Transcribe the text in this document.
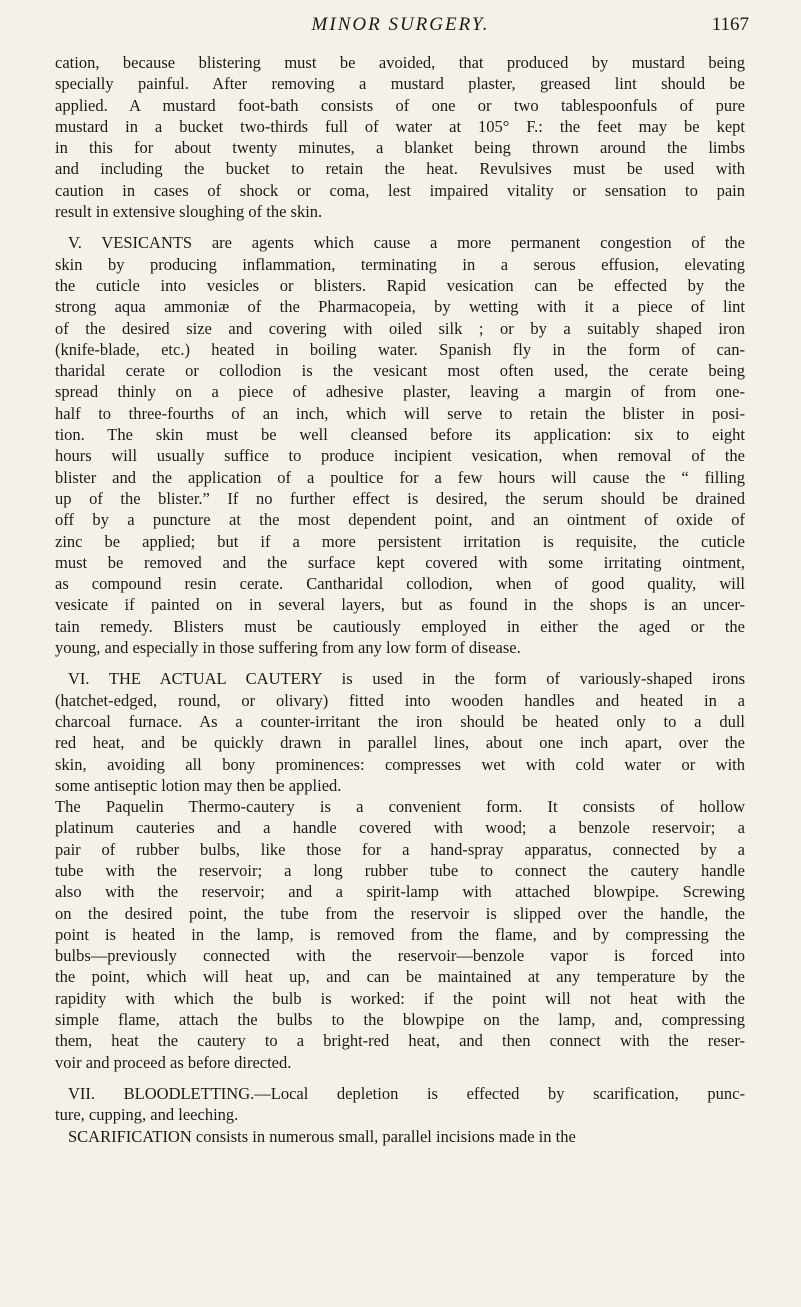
MINOR SURGERY.	1167
cation, because blistering must be avoided, that produced by mustard being
specially painful. After removing a mustard plaster, greased lint should be
applied. A mustard foot-bath consists of one or two tablespoonfuls of pure
mustard in a bucket two-thirds full of water at 105° F.: the feet may be kept
in this for about twenty minutes, a blanket being thrown around the limbs
and including the bucket to retain the heat. Revulsives must be used with
caution in cases of shock or coma, lest impaired vitality or sensation to pain
result in extensive sloughing of the skin.
V. VESICANTS are agents which cause a more permanent congestion of the
skin by producing inflammation, terminating in a serous effusion, elevating
the cuticle into vesicles or blisters. Rapid vesication can be effected by the
strong aqua ammoniæ of the Pharmacopeia, by wetting with it a piece of lint
of the desired size and covering with oiled silk ; or by a suitably shaped iron
(knife-blade, etc.) heated in boiling water. Spanish fly in the form of can-
tharidal cerate or collodion is the vesicant most often used, the cerate being
spread thinly on a piece of adhesive plaster, leaving a margin of from one-
half to three-fourths of an inch, which will serve to retain the blister in posi-
tion. The skin must be well cleansed before its application: six to eight
hours will usually suffice to produce incipient vesication, when removal of the
blister and the application of a poultice for a few hours will cause the “ filling
up of the blister.” If no further effect is desired, the serum should be drained
off by a puncture at the most dependent point, and an ointment of oxide of
zinc be applied; but if a more persistent irritation is requisite, the cuticle
must be removed and the surface kept covered with some irritating ointment,
as compound resin cerate. Cantharidal collodion, when of good quality, will
vesicate if painted on in several layers, but as found in the shops is an uncer-
tain remedy. Blisters must be cautiously employed in either the aged or the
young, and especially in those suffering from any low form of disease.
VI. THE ACTUAL CAUTERY is used in the form of variously-shaped irons
(hatchet-edged, round, or olivary) fitted into wooden handles and heated in a
charcoal furnace. As a counter-irritant the iron should be heated only to a dull
red heat, and be quickly drawn in parallel lines, about one inch apart, over the
skin, avoiding all bony prominences: compresses wet with cold water or with
some antiseptic lotion may then be applied.
The Paquelin Thermo-cautery is a convenient form. It consists of hollow
platinum cauteries and a handle covered with wood; a benzole reservoir; a
pair of rubber bulbs, like those for a hand-spray apparatus, connected by a
tube with the reservoir; a long rubber tube to connect the cautery handle
also with the reservoir; and a spirit-lamp with attached blowpipe. Screwing
on the desired point, the tube from the reservoir is slipped over the handle, the
point is heated in the lamp, is removed from the flame, and by compressing the
bulbs—previously connected with the reservoir—benzole vapor is forced into
the point, which will heat up, and can be maintained at any temperature by the
rapidity with which the bulb is worked: if the point will not heat with the
simple flame, attach the bulbs to the blowpipe on the lamp, and, compressing
them, heat the cautery to a bright-red heat, and then connect with the reser-
voir and proceed as before directed.
VII. BLOODLETTING.—Local depletion is effected by scarification, punc-
ture, cupping, and leeching.
SCARIFICATION consists in numerous small, parallel incisions made in the
